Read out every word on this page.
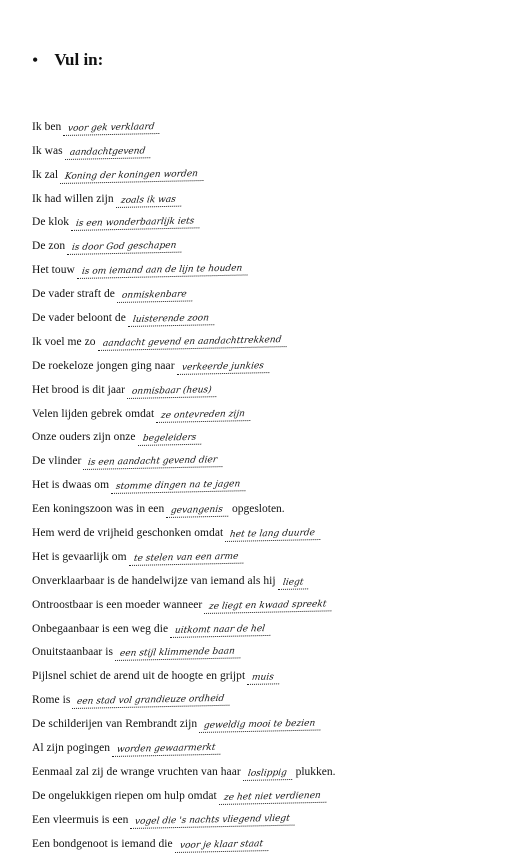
• Vul in:
Ik ben voor gek verklaard
Ik was aandachtgevend
Ik zal Koning der koningen worden
Ik had willen zijn zoals ik was
De klok is een wonderbaarlijk iets
De zon is door God geschapen
Het touw is om iemand aan de lijn te houden
De vader straft de onmiskenbare
De vader beloont de luisterende zoon
Ik voel me zo aandacht gevend en aandachttrekkend
De roekeloze jongen ging naar verkeerde junkies
Het brood is dit jaar onmisbaar (heus)
Velen lijden gebrek omdat ze ontevreden zijn
Onze ouders zijn onze begeleiders
De vlinder is een aandacht gevend dier
Het is dwaas om stomme dingen na te jagen
Een koningszoon was in een gevangenis opgesloten.
Hem werd de vrijheid geschonken omdat het te lang duurde
Het is gevaarlijk om te stelen van een arme
Onverklaarbaar is de handelwijze van iemand als hij liegt
Ontroostbaar is een moeder wanneer ze liegt en kwaad spreekt
Onbegaanbaar is een weg die uitkomt naar de hel
Onuitstaanbaar is een stijl klimmende baan
Pijlsnel schiet de arend uit de hoogte en grijpt muis
Rome is een stad vol grandieuze ordheid
De schilderijen van Rembrandt zijn geweldig mooi te bezien
Al zijn pogingen worden gewaarmerkt
Eenmaal zal zij de wrange vruchten van haar loslippig plukken.
De ongelukkigen riepen om hulp omdat ze het niet verdienen
Een vleermuis is een vogel die 's nachts vliegend vliegt
Een bondgenoot is iemand die voor je klaar staat
